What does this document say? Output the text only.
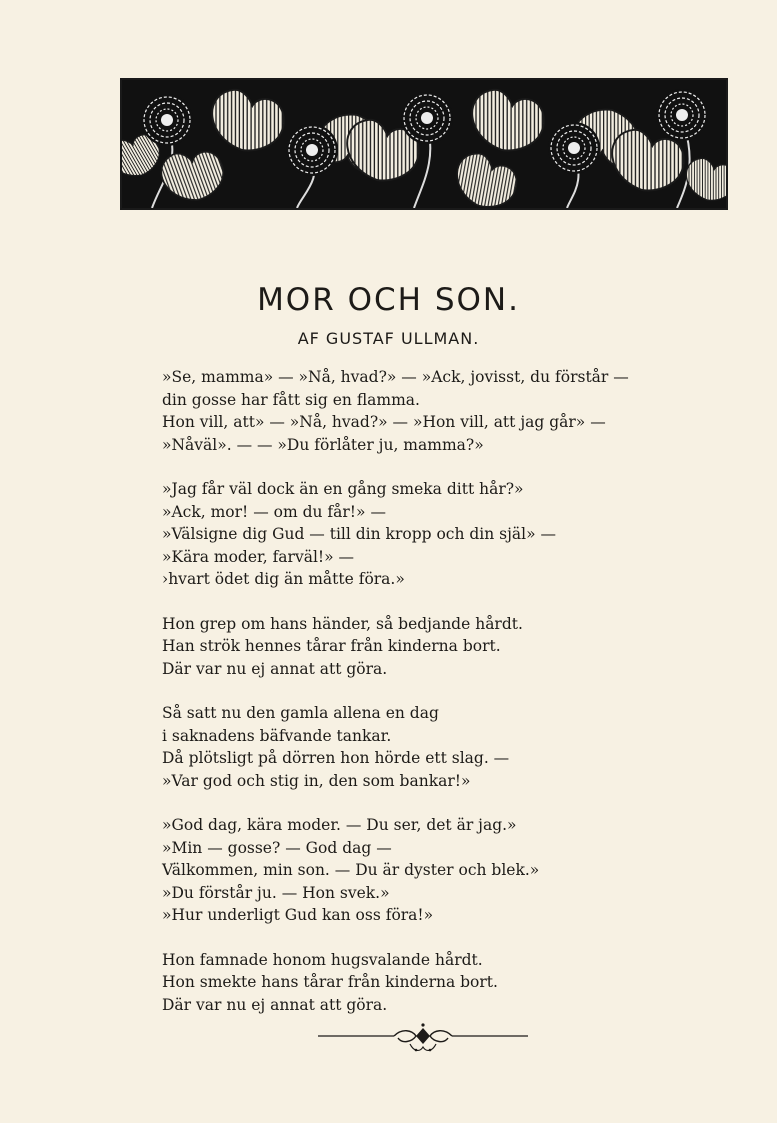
MOR OCH SON.

AF GUSTAF ULLMAN.

»Se, mamma» — »Nå, hvad?» — »Ack, jovisst, du förstår —
din gosse har fått sig en flamma.
Hon vill, att» — »Nå, hvad?» — »Hon vill, att jag går» —
»Nåväl». — — »Du förlåter ju, mamma?»
»Jag får väl dock än en gång smeka ditt hår?»
»Ack, mor! — om du får!» —
»Välsigne dig Gud — till din kropp och din själ» —
»Kära moder, farväl!» —
›hvart ödet dig än måtte föra.»
Hon grep om hans händer, så bedjande hårdt.
Han strök hennes tårar från kinderna bort.
Där var nu ej annat att göra.
Så satt nu den gamla allena en dag
i saknadens bäfvande tankar.
Då plötsligt på dörren hon hörde ett slag. —
»Var god och stig in, den som bankar!»
»God dag, kära moder. — Du ser, det är jag.»
»Min — gosse? — God dag —
Välkommen, min son. — Du är dyster och blek.»
»Du förstår ju. — Hon svek.»
»Hur underligt Gud kan oss föra!»
Hon famnade honom hugsvalande hårdt.
Hon smekte hans tårar från kinderna bort.
Där var nu ej annat att göra.
